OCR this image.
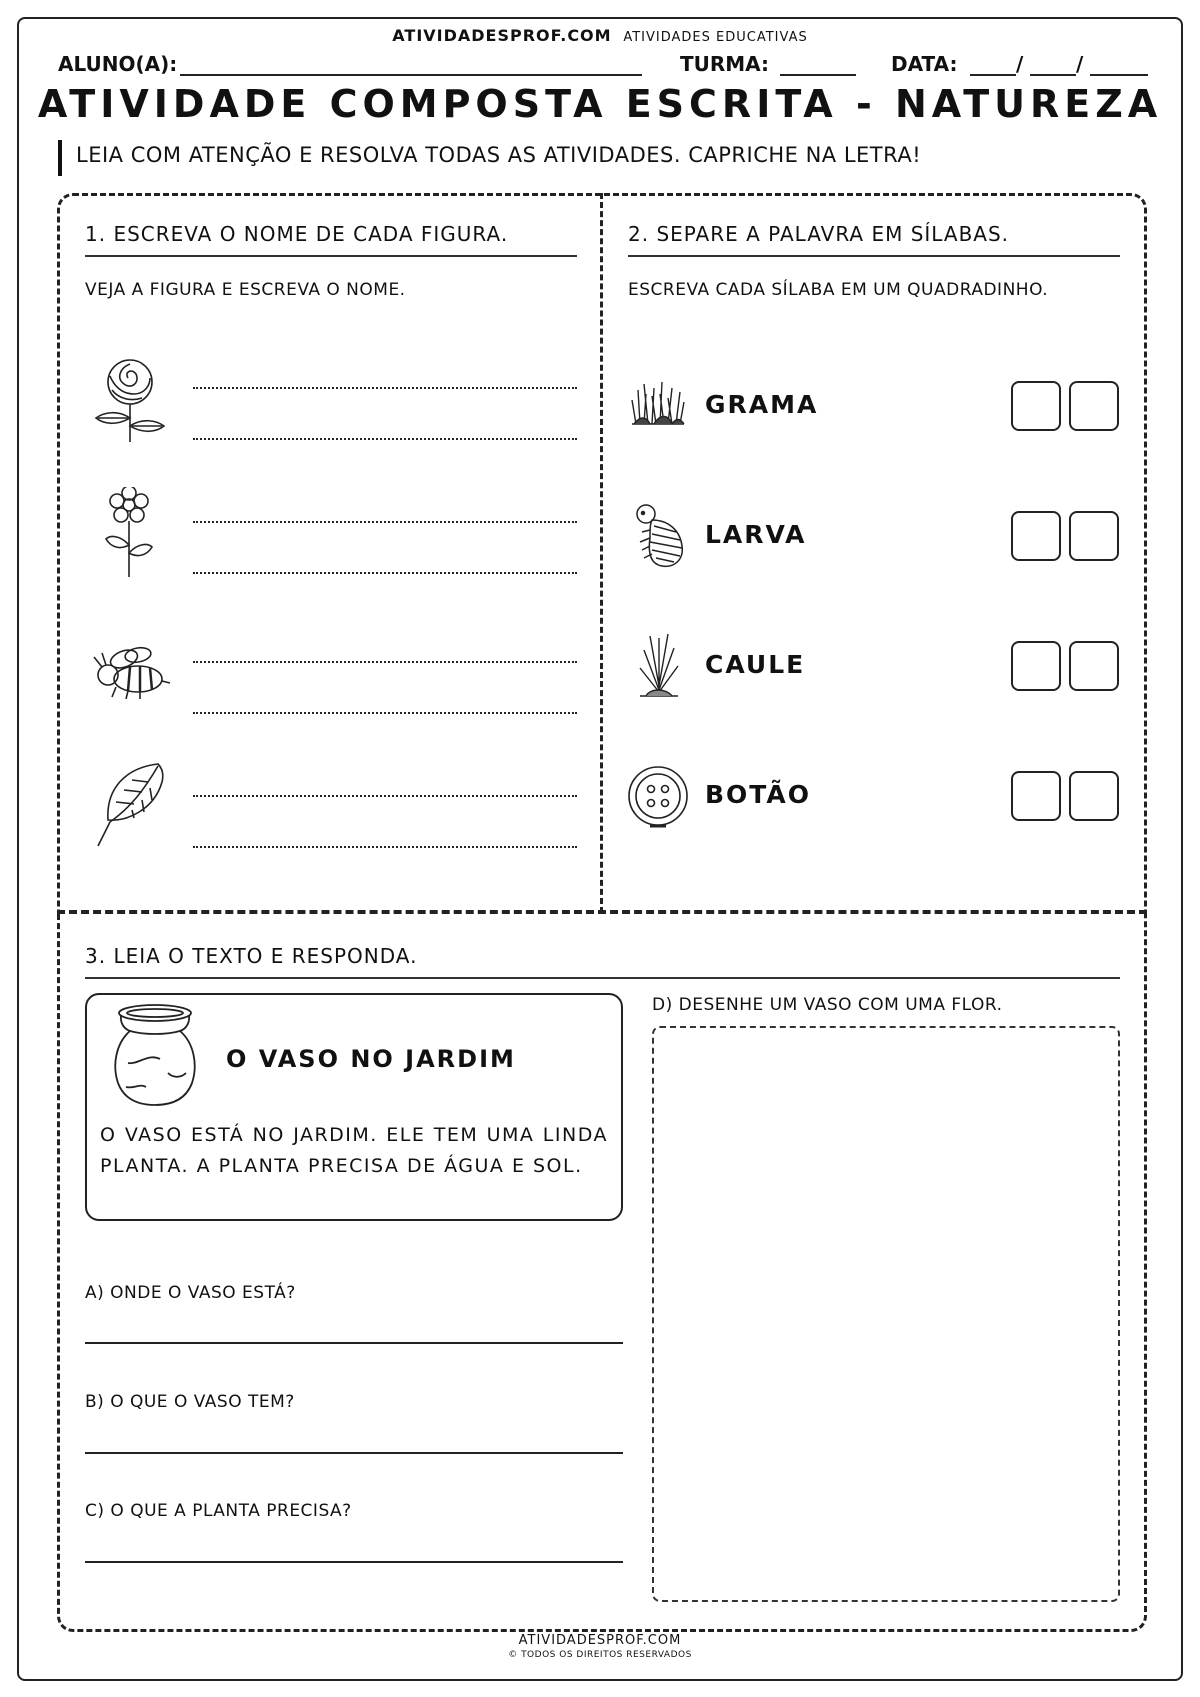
ATIVIDADESPROF.COM ATIVIDADES EDUCATIVAS
ALUNO(A):	TURMA:	DATA:	/	/
ATIVIDADE COMPOSTA ESCRITA - NATUREZA
LEIA COM ATENÇÃO E RESOLVA TODAS AS ATIVIDADES. CAPRICHE NA LETRA!
1. ESCREVA O NOME DE CADA FIGURA.
VEJA A FIGURA E ESCREVA O NOME.
2. SEPARE A PALAVRA EM SÍLABAS.
ESCREVA CADA SÍLABA EM UM QUADRADINHO.
GRAMA
LARVA
CAULE
BOTÃO
3. LEIA O TEXTO E RESPONDA.
O VASO NO JARDIM
O VASO ESTÁ NO JARDIM. ELE TEM UMA LINDA PLANTA. A PLANTA PRECISA DE ÁGUA E SOL.
A) ONDE O VASO ESTÁ?
B) O QUE O VASO TEM?
C) O QUE A PLANTA PRECISA?
D) DESENHE UM VASO COM UMA FLOR.
ATIVIDADESPROF.COM
© TODOS OS DIREITOS RESERVADOS
